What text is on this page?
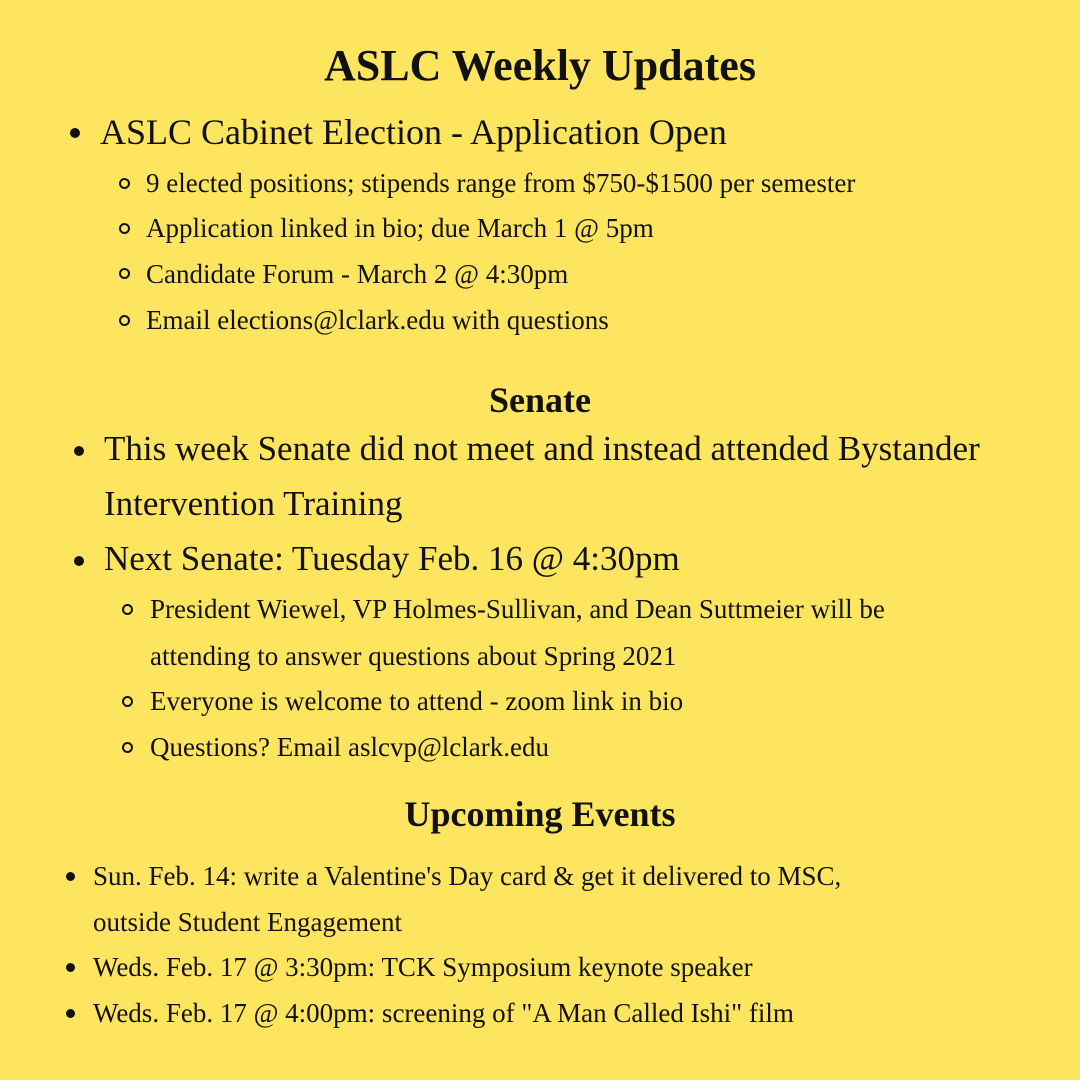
ASLC Weekly Updates
ASLC Cabinet Election - Application Open
9 elected positions; stipends range from $750-$1500 per semester
Application linked in bio; due March 1 @ 5pm
Candidate Forum - March 2 @ 4:30pm
Email elections@lclark.edu with questions
Senate
This week Senate did not meet and instead attended Bystander
Intervention Training
Next Senate: Tuesday Feb. 16 @ 4:30pm
President Wiewel, VP Holmes-Sullivan, and Dean Suttmeier will be
attending to answer questions about Spring 2021
Everyone is welcome to attend - zoom link in bio
Questions? Email aslcvp@lclark.edu
Upcoming Events
Sun. Feb. 14: write a Valentine's Day card & get it delivered to MSC,
outside Student Engagement
Weds. Feb. 17 @ 3:30pm: TCK Symposium keynote speaker
Weds. Feb. 17 @ 4:00pm: screening of "A Man Called Ishi" film
